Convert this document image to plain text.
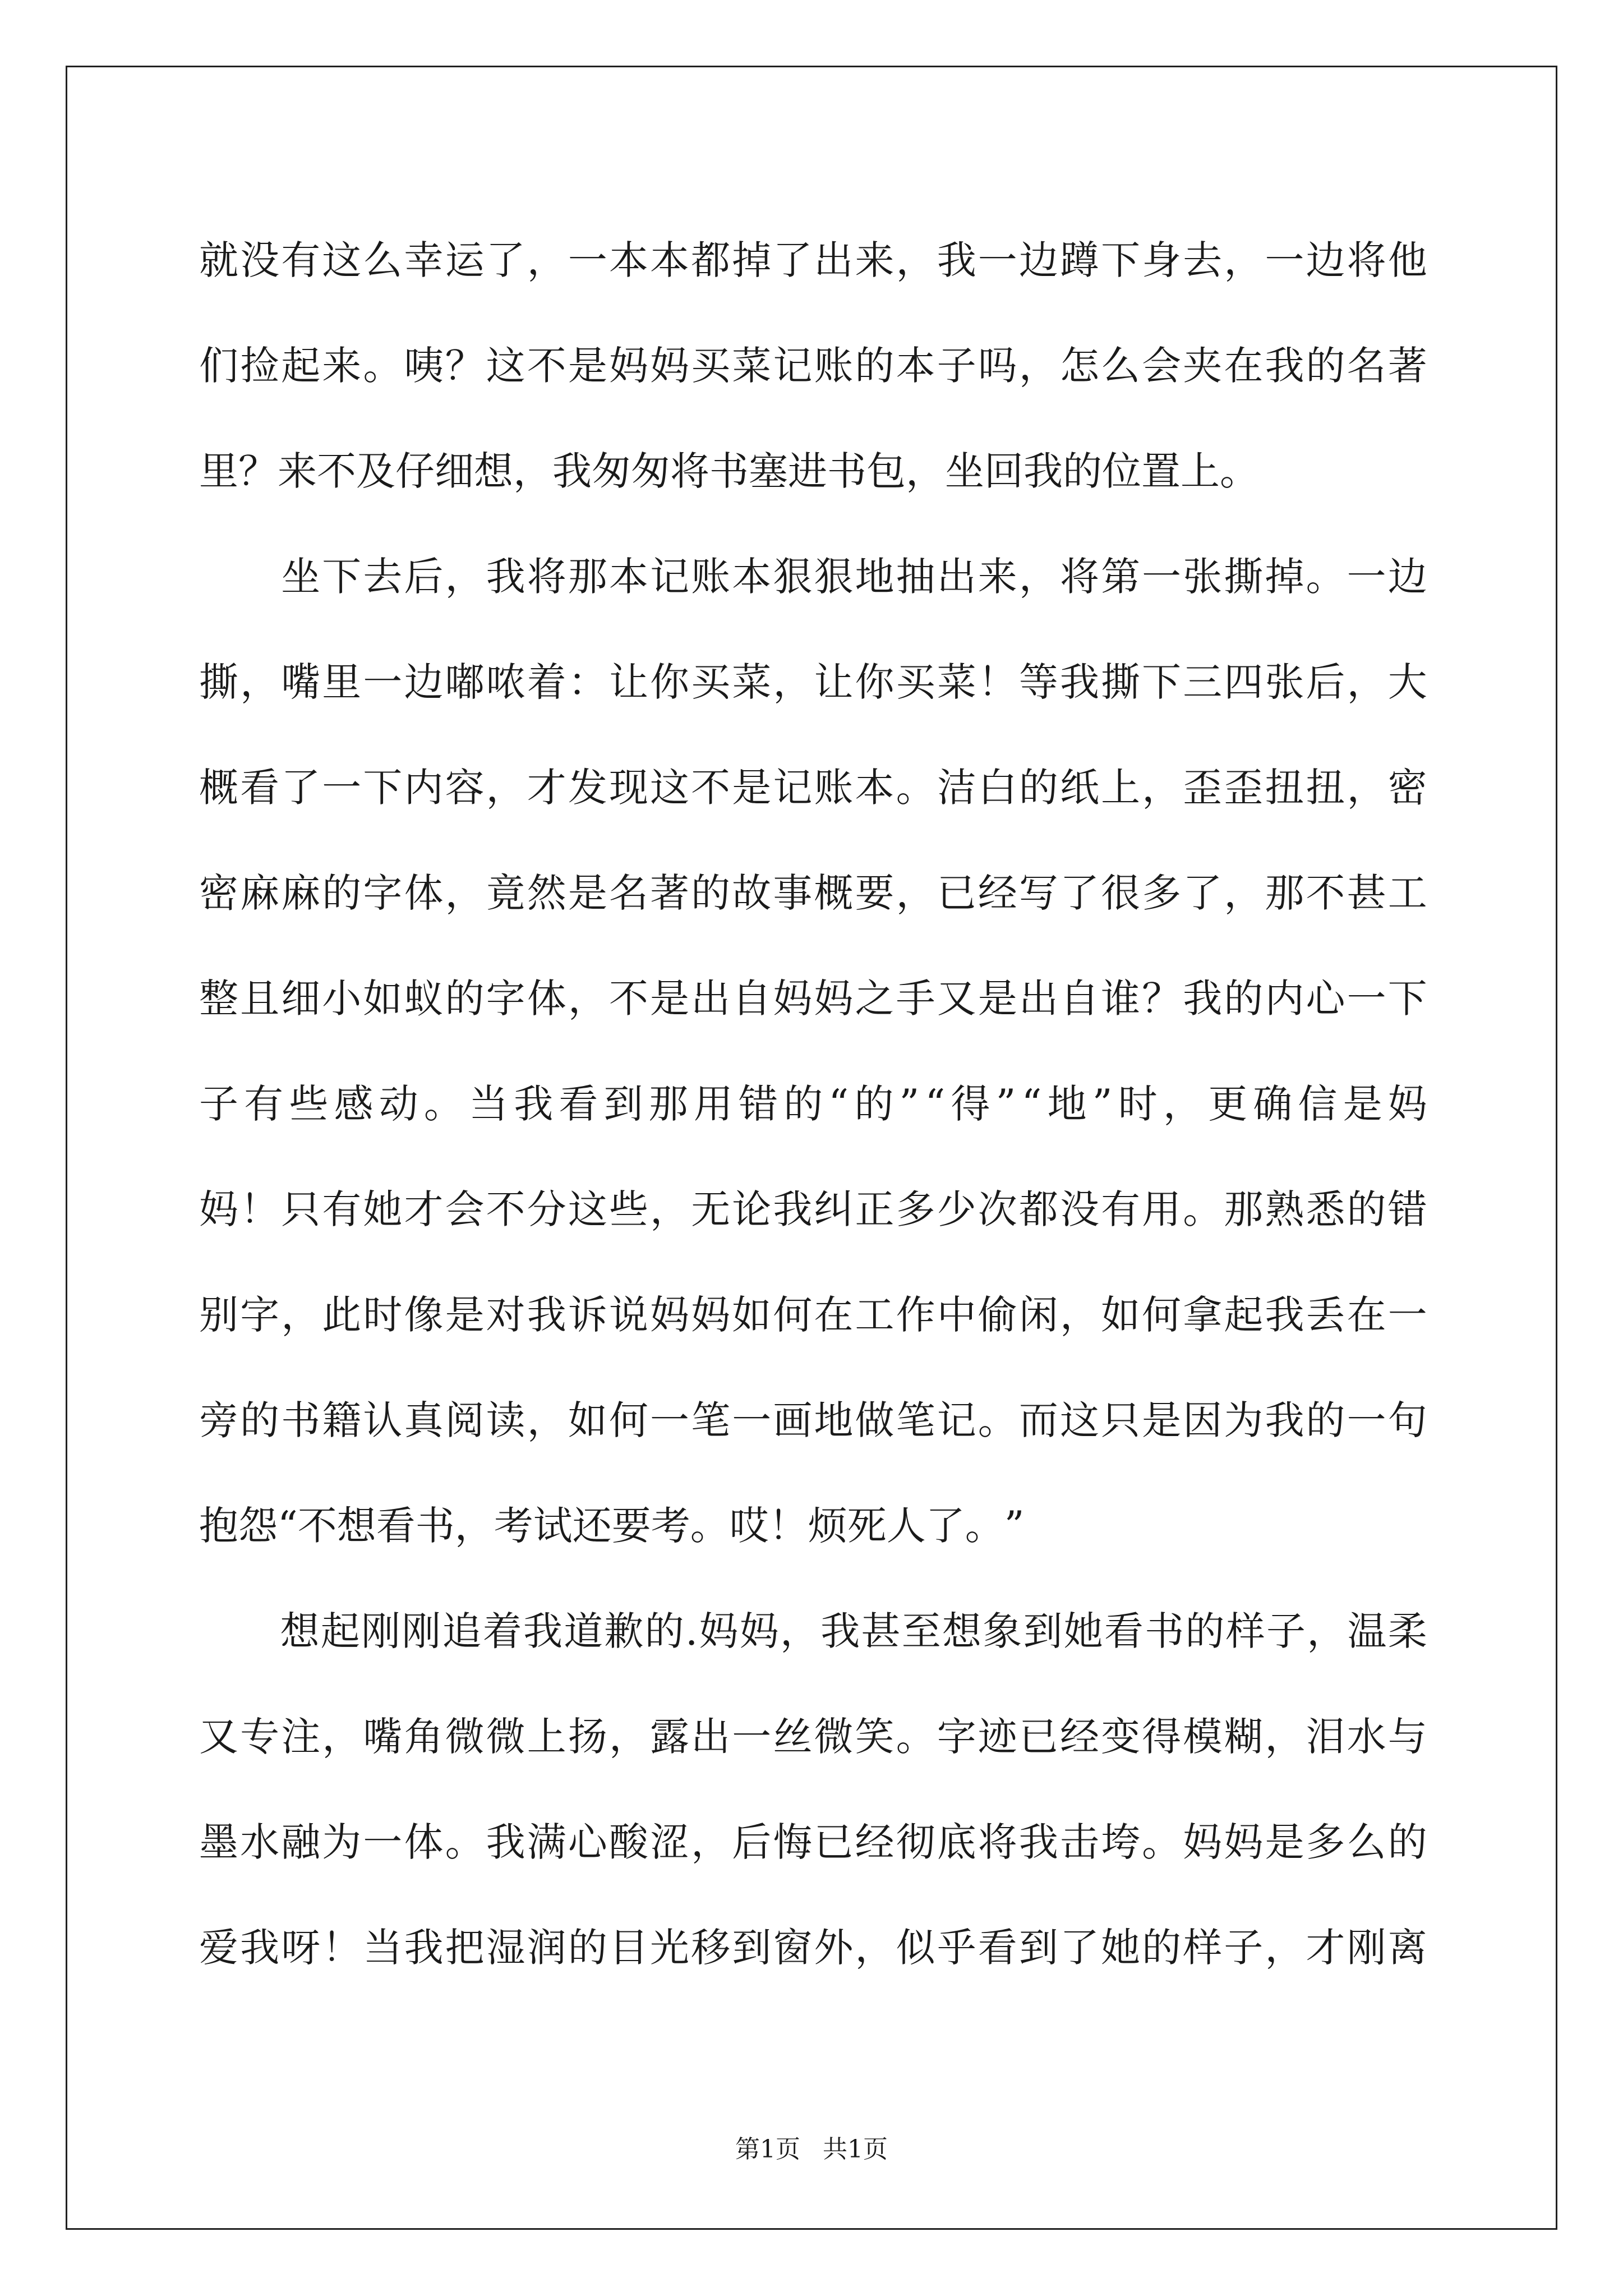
就 没 有 这 么 幸 运 了 ， 一 本 本 都 掉 了 出 来 ， 我 一 边 蹲 下 身 去 ， 一 边 将 他
们 捡 起 来 。 咦 ？ 这 不 是 妈 妈 买 菜 记 账 的 本 子 吗 ， 怎 么 会 夹 在 我 的 名 著
里 ？ 来 不 及 仔 细 想 ， 我 匆 匆 将 书 塞 进 书 包 ， 坐 回 我 的 位 置 上 。

坐 下 去 后 ， 我 将 那 本 记 账 本 狠 狠 地 抽 出 来 ， 将 第 一 张 撕 掉 。 一 边
撕 ， 嘴 里 一 边 嘟 哝 着 ： 让 你 买 菜 ， 让 你 买 菜 ！ 等 我 撕 下 三 四 张 后 ， 大
概 看 了 一 下 内 容 ， 才 发 现 这 不 是 记 账 本 。 洁 白 的 纸 上 ， 歪 歪 扭 扭 ， 密
密 麻 麻 的 字 体 ， 竟 然 是 名 著 的 故 事 概 要 ， 已 经 写 了 很 多 了 ， 那 不 甚 工
整 且 细 小 如 蚁 的 字 体 ， 不 是 出 自 妈 妈 之 手 又 是 出 自 谁 ？ 我 的 内 心 一 下
子 有 些 感 动 。 当 我 看 到 那 用 错 的 “ 的 ” “ 得 ” “ 地 ” 时 ， 更 确 信 是 妈
妈 ！ 只 有 她 才 会 不 分 这 些 ， 无 论 我 纠 正 多 少 次 都 没 有 用 。 那 熟 悉 的 错
别 字 ， 此 时 像 是 对 我 诉 说 妈 妈 如 何 在 工 作 中 偷 闲 ， 如 何 拿 起 我 丢 在 一
旁 的 书 籍 认 真 阅 读 ， 如 何 一 笔 一 画 地 做 笔 记 。 而 这 只 是 因 为 我 的 一 句
抱 怨 “ 不 想 看 书 ， 考 试 还 要 考 。 哎 ！ 烦 死 人 了 。 ”

想 起 刚 刚 追 着 我 道 歉 的 . 妈 妈 ， 我 甚 至 想 象 到 她 看 书 的 样 子 ， 温 柔
又 专 注 ， 嘴 角 微 微 上 扬 ， 露 出 一 丝 微 笑 。 字 迹 已 经 变 得 模 糊 ， 泪 水 与
墨 水 融 为 一 体 。 我 满 心 酸 涩 ， 后 悔 已 经 彻 底 将 我 击 垮 。 妈 妈 是 多 么 的
爱 我 呀 ！ 当 我 把 湿 润 的 目 光 移 到 窗 外 ， 似 乎 看 到 了 她 的 样 子 ， 才 刚 离
第1页 共1页
